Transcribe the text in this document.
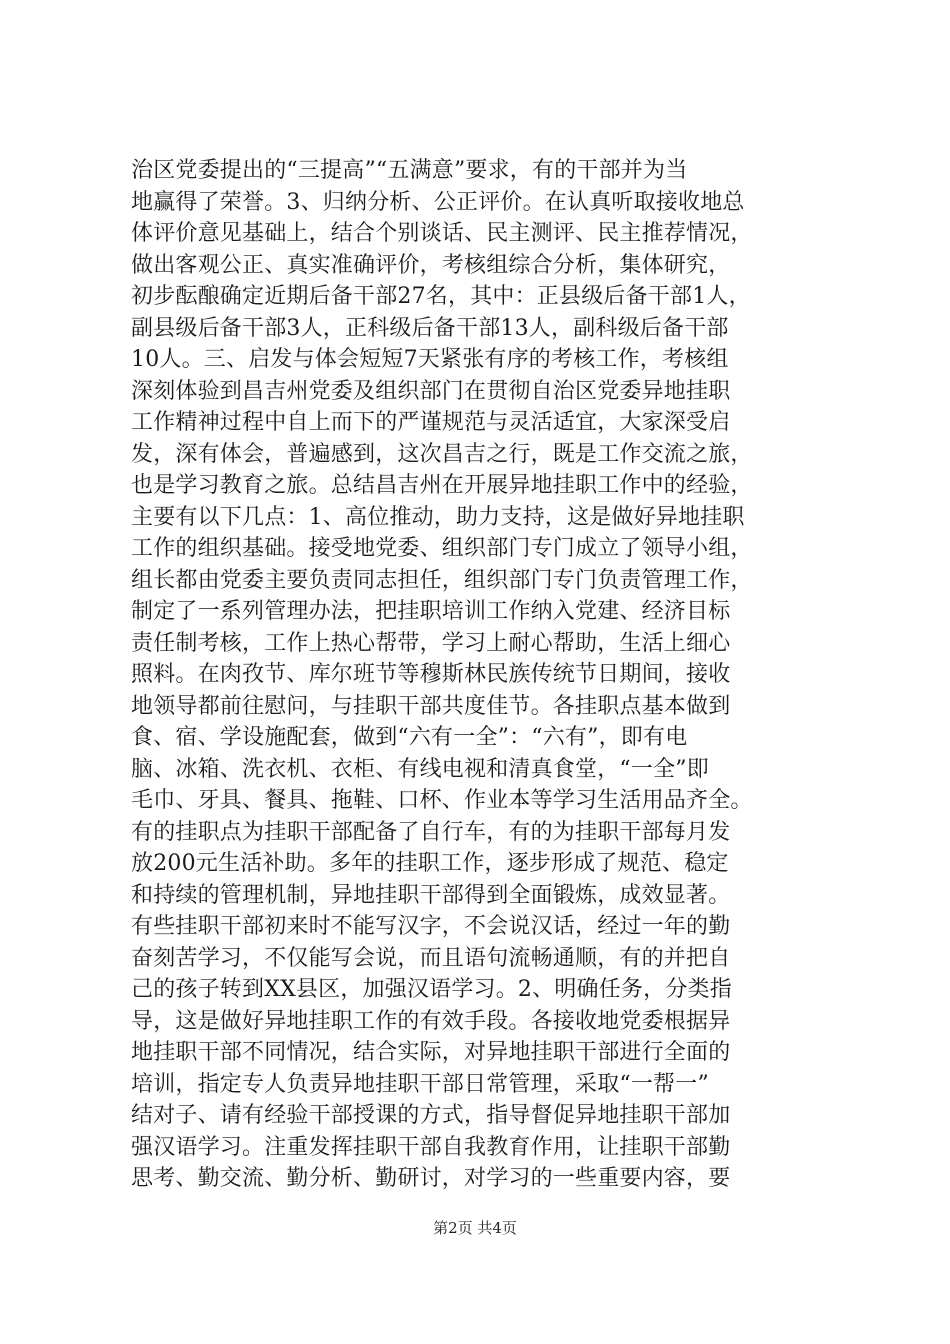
治区党委提出的“三提高”“五满意”要求，有的干部并为当
地赢得了荣誉。3、归纳分析、公正评价。在认真听取接收地总
体评价意见基础上，结合个别谈话、民主测评、民主推荐情况，
做出客观公正、真实准确评价，考核组综合分析，集体研究，
初步酝酿确定近期后备干部27名，其中：正县级后备干部1人，
副县级后备干部3人，正科级后备干部13人，副科级后备干部
10人。三、启发与体会短短7天紧张有序的考核工作，考核组
深刻体验到昌吉州党委及组织部门在贯彻自治区党委异地挂职
工作精神过程中自上而下的严谨规范与灵活适宜，大家深受启
发，深有体会，普遍感到，这次昌吉之行，既是工作交流之旅，
也是学习教育之旅。总结昌吉州在开展异地挂职工作中的经验，
主要有以下几点：1、高位推动，助力支持，这是做好异地挂职
工作的组织基础。接受地党委、组织部门专门成立了领导小组，
组长都由党委主要负责同志担任，组织部门专门负责管理工作，
制定了一系列管理办法，把挂职培训工作纳入党建、经济目标
责任制考核，工作上热心帮带，学习上耐心帮助，生活上细心
照料。在肉孜节、库尔班节等穆斯林民族传统节日期间，接收
地领导都前往慰问，与挂职干部共度佳节。各挂职点基本做到
食、宿、学设施配套，做到“六有一全”：“六有”，即有电
脑、冰箱、洗衣机、衣柜、有线电视和清真食堂，“一全”即
毛巾、牙具、餐具、拖鞋、口杯、作业本等学习生活用品齐全。
有的挂职点为挂职干部配备了自行车，有的为挂职干部每月发
放200元生活补助。多年的挂职工作，逐步形成了规范、稳定
和持续的管理机制，异地挂职干部得到全面锻炼，成效显著。
有些挂职干部初来时不能写汉字，不会说汉话，经过一年的勤
奋刻苦学习，不仅能写会说，而且语句流畅通顺，有的并把自
己的孩子转到XX县区，加强汉语学习。2、明确任务，分类指
导，这是做好异地挂职工作的有效手段。各接收地党委根据异
地挂职干部不同情况，结合实际，对异地挂职干部进行全面的
培训，指定专人负责异地挂职干部日常管理，采取“一帮一”
结对子、请有经验干部授课的方式，指导督促异地挂职干部加
强汉语学习。注重发挥挂职干部自我教育作用，让挂职干部勤
思考、勤交流、勤分析、勤研讨，对学习的一些重要内容，要
第2页 共4页
